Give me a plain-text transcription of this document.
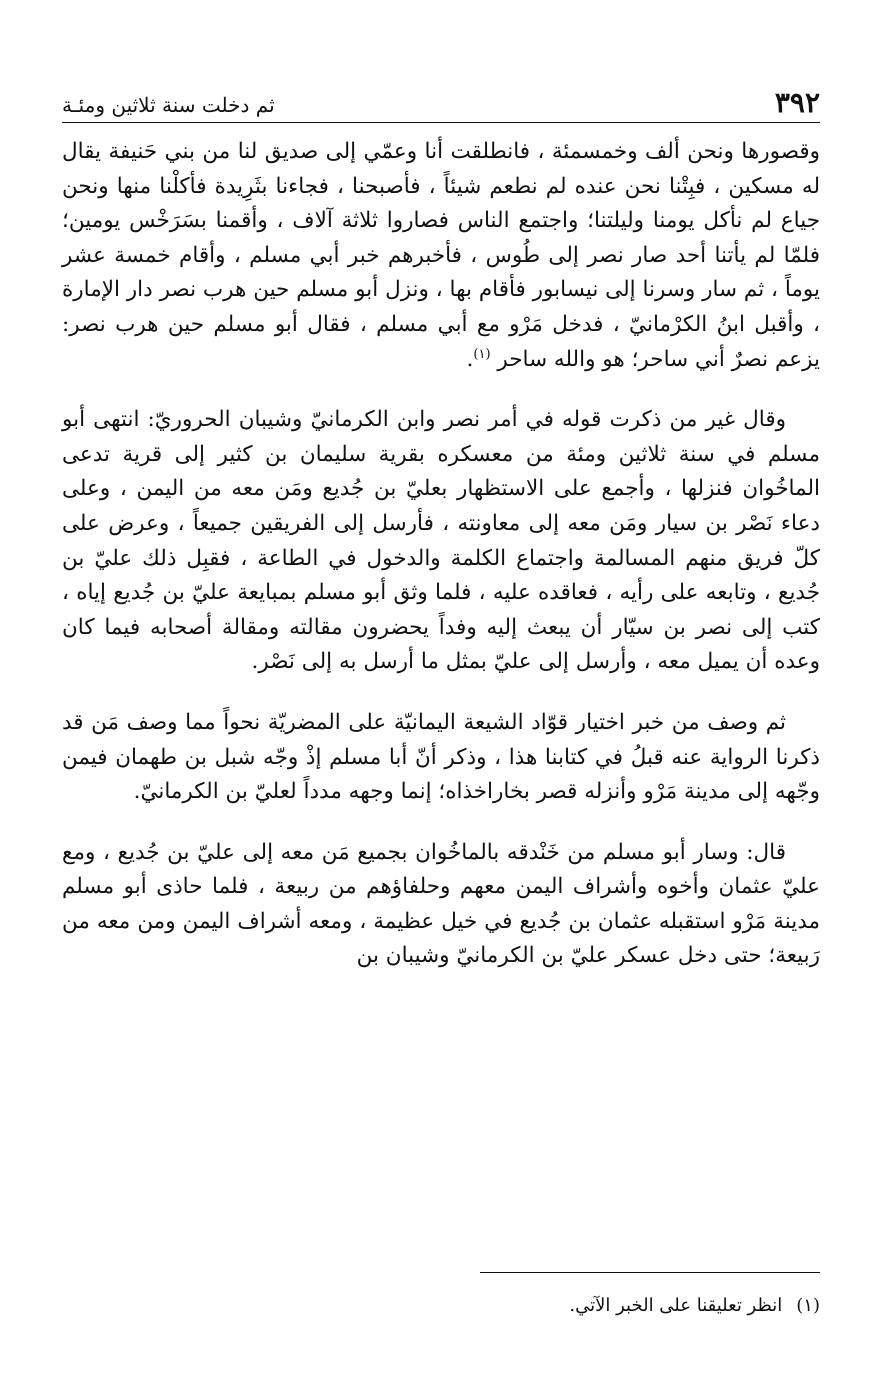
٣٩٢
ثم دخلت سنة ثلاثين ومئـة

وقصورها ونحن ألف وخمسمئة ، فانطلقت أنا وعمّي إلى صديق لنا من بني حَنيفة يقال له مسكين ، فبِتْنا نحن عنده لم نطعم شيئاً ، فأصبحنا ، فجاءنا بثَرِيدة فأكلْنا منها ونحن جياع لم نأكل يومنا وليلتنا؛ واجتمع الناس فصاروا ثلاثة آلاف ، وأقمنا بسَرَخْس يومين؛ فلمّا لم يأتنا أحد صار نصر إلى طُوس ، فأخبرهم خبر أبي مسلم ، وأقام خمسة عشر يوماً ، ثم سار وسرنا إلى نيسابور فأقام بها ، ونزل أبو مسلم حين هرب نصر دار الإمارة ، وأقبل ابنُ الكرْمانيّ ، فدخل مَرْو مع أبي مسلم ، فقال أبو مسلم حين هرب نصر: يزعم نصرٌ أني ساحر؛ هو والله ساحر $^{(١)}$.

وقال غير من ذكرت قوله في أمر نصر وابن الكرمانيّ وشيبان الحروريّ: انتهى أبو مسلم في سنة ثلاثين ومئة من معسكره بقرية سليمان بن كثير إلى قرية تدعى الماخُوان فنزلها ، وأجمع على الاستظهار بعليّ بن جُديع ومَن معه من اليمن ، وعلى دعاء نَصْر بن سيار ومَن معه إلى معاونته ، فأرسل إلى الفريقين جميعاً ، وعرض على كلّ فريق منهم المسالمة واجتماع الكلمة والدخول في الطاعة ، فقبِل ذلك عليّ بن جُديع ، وتابعه على رأيه ، فعاقده عليه ، فلما وثق أبو مسلم بمبايعة عليّ بن جُديع إياه ، كتب إلى نصر بن سيّار أن يبعث إليه وفداً يحضرون مقالته ومقالة أصحابه فيما كان وعده أن يميل معه ، وأرسل إلى عليّ بمثل ما أرسل به إلى نَصْر.

ثم وصف من خبر اختيار قوّاد الشيعة اليمانيّة على المضريّة نحواً مما وصف مَن قد ذكرنا الرواية عنه قبلُ في كتابنا هذا ، وذكر أنّ أبا مسلم إذْ وجّه شبل بن طهمان فيمن وجّهه إلى مدينة مَرْو وأنزله قصر بخاراخذاه؛ إنما وجهه مدداً لعليّ بن الكرمانيّ.

قال: وسار أبو مسلم من خَنْدقه بالماخُوان بجميع مَن معه إلى عليّ بن جُديع ، ومع عليّ عثمان وأخوه وأشراف اليمن معهم وحلفاؤهم من ربيعة ، فلما حاذى أبو مسلم مدينة مَرْو استقبله عثمان بن جُديع في خيل عظيمة ، ومعه أشراف اليمن ومن معه من رَبيعة؛ حتى دخل عسكر عليّ بن الكرمانيّ وشيبان بن

(١)انظر تعليقنا على الخبر الآتي.
